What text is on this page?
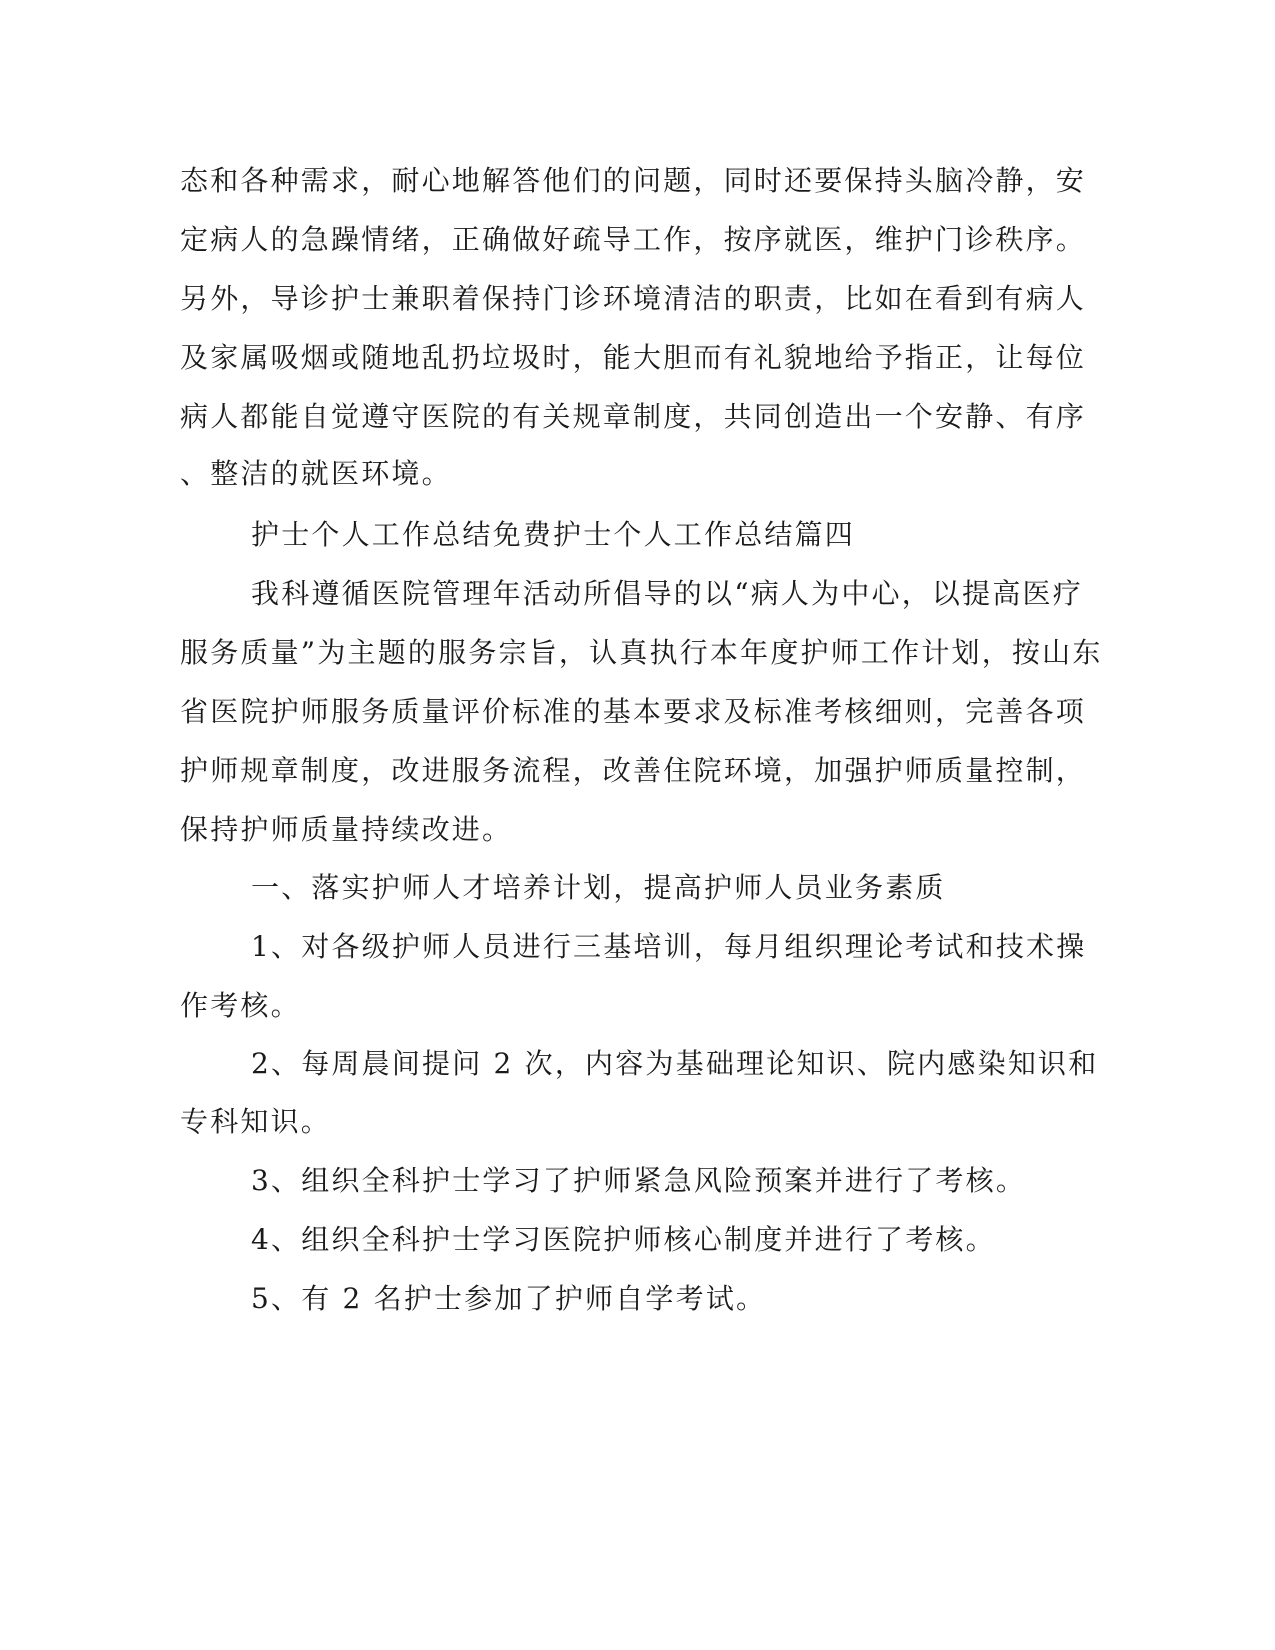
态和各种需求，耐心地解答他们的问题，同时还要保持头脑冷静，安
定病人的急躁情绪，正确做好疏导工作，按序就医，维护门诊秩序。
另外，导诊护士兼职着保持门诊环境清洁的职责，比如在看到有病人
及家属吸烟或随地乱扔垃圾时，能大胆而有礼貌地给予指正，让每位
病人都能自觉遵守医院的有关规章制度，共同创造出一个安静、有序
、整洁的就医环境。
护士个人工作总结免费护士个人工作总结篇四
我科遵循医院管理年活动所倡导的以“病人为中心，以提高医疗
服务质量”为主题的服务宗旨，认真执行本年度护师工作计划，按山东
省医院护师服务质量评价标准的基本要求及标准考核细则，完善各项
护师规章制度，改进服务流程，改善住院环境，加强护师质量控制，
保持护师质量持续改进。
一、落实护师人才培养计划，提高护师人员业务素质
1、对各级护师人员进行三基培训，每月组织理论考试和技术操
作考核。
2、每周晨间提问 2 次，内容为基础理论知识、院内感染知识和
专科知识。
3、组织全科护士学习了护师紧急风险预案并进行了考核。
4、组织全科护士学习医院护师核心制度并进行了考核。
5、有 2 名护士参加了护师自学考试。
